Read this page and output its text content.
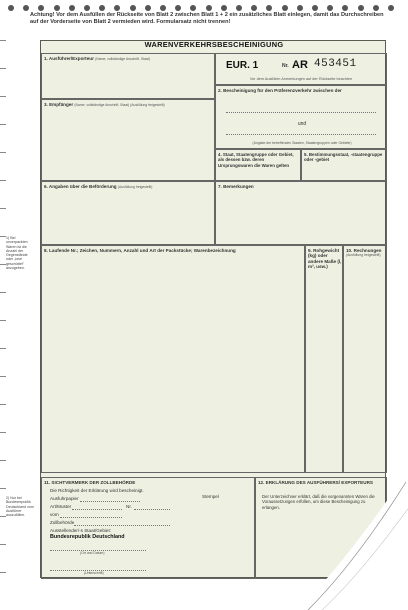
Achtung! Vor dem Ausfüllen der Rückseite von Blatt 2 zwischen Blatt 1 + 2 ein zusätzliches Blatt einlegen, damit das Durchschreiben auf der Vorderseite von Blatt 2 vermieden wird. Formularsatz nicht trennen!
1) Bei unverpackten Waren ist die Anzahl der Gegenstände oder „lose geschüttet" anzugeben.
2) Nur bei Bundesrepublik Deutschland vom Ausführer auszufüllen.
WARENVERKEHRSBESCHEINIGUNG
1. Ausführer/Exporteur (Name, vollständige Anschrift, Staat)
EUR. 1	Nr. AR 453451
Vor dem Ausfüllen Anmerkungen auf der Rückseite beachten
2. Bescheinigung für den Präferenzverkehr zwischen der
und
(Angabe der betreffenden Staaten, Staatengruppen oder Gebiete)
3. Empfänger (Name, vollständige Anschrift, Staat) (Ausfüllung freigestellt)
4. Staat, Staatengruppe oder Gebiet, als dessen bzw. deren Ursprungswaren die Waren gelten
5. Bestimmungsstaat, -staatengruppe oder -gebiet
6. Angaben über die Beförderung (Ausfüllung freigestellt)	7. Bemerkungen
8. Laufende Nr.; Zeichen, Nummern, Anzahl und Art der Packstücke; Warenbezeichnung	9. Rohgewicht (kg) oder andere Maße (l, m³, usw.)
10. Rechnungen
(Ausfüllung freigestellt)
11. SICHTVERMERK DER ZOLLBEHÖRDE
Die Richtigkeit der Erklärung wird bescheinigt.
Stempel
Ausfuhrpapier
Art/Muster	Nr.
vom
Zollbehörde
Ausstellender/-s Staat/Gebiet:
Bundesrepublik Deutschland
(Ort und Datum)
(Unterschrift)
12. ERKLÄRUNG DES AUSFÜHRERS/ EXPORTEURS
Der Unterzeichner erklärt, daß die vorgenannten Waren die Voraussetzungen erfüllen, um diese Bescheinigung zu erlangen.
